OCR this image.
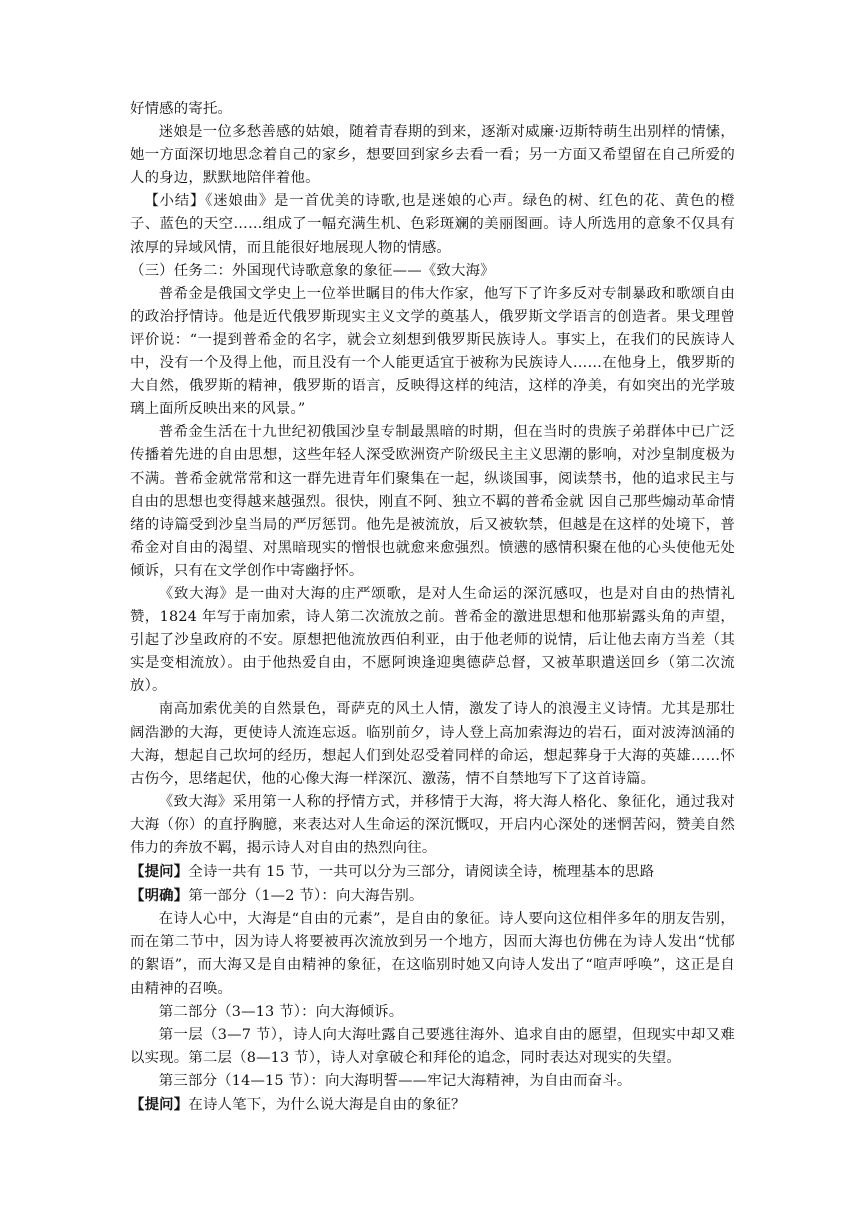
好情感的寄托。

迷娘是一位多愁善感的姑娘，随着青春期的到来，逐渐对威廉·迈斯特萌生出别样的情愫，她一方面深切地思念着自己的家乡，想要回到家乡去看一看；另一方面又希望留在自己所爱的人的身边，默默地陪伴着他。

【小结】《迷娘曲》是一首优美的诗歌,也是迷娘的心声。绿色的树、红色的花、黄色的橙子、蓝色的天空……组成了一幅充满生机、色彩斑斓的美丽图画。诗人所选用的意象不仅具有浓厚的异域风情，而且能很好地展现人物的情感。

（三）任务二：外国现代诗歌意象的象征——《致大海》

普希金是俄国文学史上一位举世瞩目的伟大作家，他写下了许多反对专制暴政和歌颂自由的政治抒情诗。他是近代俄罗斯现实主义文学的奠基人，俄罗斯文学语言的创造者。果戈理曾评价说：“一提到普希金的名字，就会立刻想到俄罗斯民族诗人。事实上，在我们的民族诗人中，没有一个及得上他，而且没有一个人能更适宜于被称为民族诗人……在他身上，俄罗斯的大自然，俄罗斯的精神，俄罗斯的语言，反映得这样的纯洁，这样的净美，有如突出的光学玻璃上面所反映出来的风景。”

普希金生活在十九世纪初俄国沙皇专制最黑暗的时期，但在当时的贵族子弟群体中已广泛传播着先进的自由思想，这些年轻人深受欧洲资产阶级民主主义思潮的影响，对沙皇制度极为不满。普希金就常常和这一群先进青年们聚集在一起，纵谈国事，阅读禁书，他的追求民主与自由的思想也变得越来越强烈。很快，刚直不阿、独立不羁的普希金就 因自己那些煽动革命情绪的诗篇受到沙皇当局的严厉惩罚。他先是被流放，后又被软禁，但越是在这样的处境下，普希金对自由的渴望、对黑暗现实的憎恨也就愈来愈强烈。愤懑的感情积聚在他的心头使他无处倾诉，只有在文学创作中寄幽抒怀。

《致大海》是一曲对大海的庄严颂歌，是对人生命运的深沉感叹，也是对自由的热情礼赞，1824 年写于南加索，诗人第二次流放之前。普希金的激进思想和他那崭露头角的声望，引起了沙皇政府的不安。原想把他流放西伯利亚，由于他老师的说情，后让他去南方当差（其实是变相流放）。由于他热爱自由，不愿阿谀逢迎奥德萨总督，又被革职遣送回乡（第二次流放）。

南高加索优美的自然景色，哥萨克的风土人情，激发了诗人的浪漫主义诗情。尤其是那壮阔浩渺的大海，更使诗人流连忘返。临别前夕，诗人登上高加索海边的岩石，面对波涛汹涌的大海，想起自己坎坷的经历，想起人们到处忍受着同样的命运，想起葬身于大海的英雄……怀古伤今，思绪起伏，他的心像大海一样深沉、激荡，情不自禁地写下了这首诗篇。

《致大海》采用第一人称的抒情方式，并移情于大海，将大海人格化、象征化，通过我对大海（你）的直抒胸臆，来表达对人生命运的深沉慨叹，开启内心深处的迷惘苦闷，赞美自然伟力的奔放不羁，揭示诗人对自由的热烈向往。

【提问】全诗一共有 15 节，一共可以分为三部分，请阅读全诗，梳理基本的思路

【明确】第一部分（1—2 节）：向大海告别。

在诗人心中，大海是“自由的元素”，是自由的象征。诗人要向这位相伴多年的朋友告别，而在第二节中，因为诗人将要被再次流放到另一个地方，因而大海也仿佛在为诗人发出“忧郁的絮语”，而大海又是自由精神的象征，在这临别时她又向诗人发出了“喧声呼唤”，这正是自由精神的召唤。

第二部分（3—13 节）：向大海倾诉。

第一层（3—7 节），诗人向大海吐露自己要逃往海外、追求自由的愿望，但现实中却又难以实现。第二层（8—13 节），诗人对拿破仑和拜伦的追念，同时表达对现实的失望。

第三部分（14—15 节）：向大海明誓——牢记大海精神，为自由而奋斗。

【提问】在诗人笔下，为什么说大海是自由的象征？
